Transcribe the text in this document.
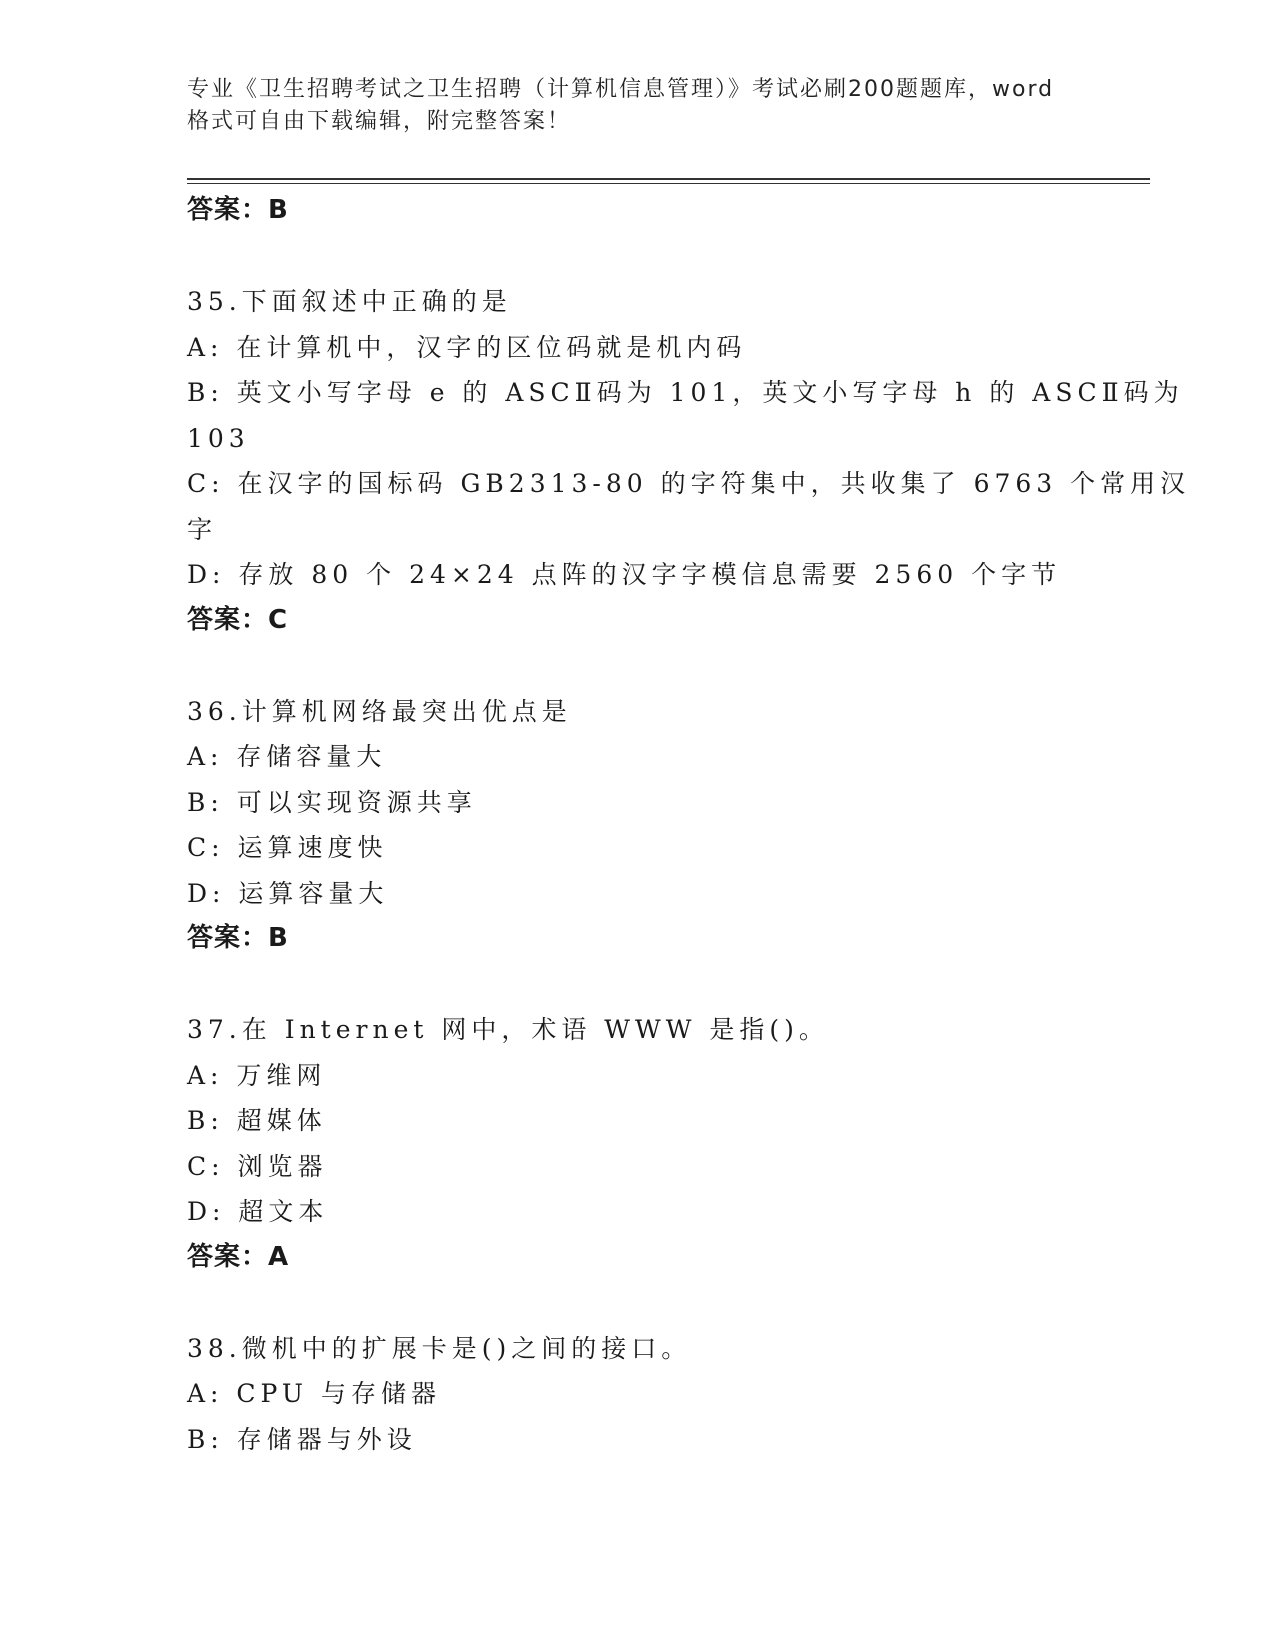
专业《卫生招聘考试之卫生招聘（计算机信息管理）》考试必刷200题题库，word
格式可自由下载编辑，附完整答案！
答案：B
35.下面叙述中正确的是
A: 在计算机中，汉字的区位码就是机内码
B: 英文小写字母 e 的 ASCⅡ码为 101，英文小写字母 h 的 ASCⅡ码为
103
C: 在汉字的国标码 GB2313-80 的字符集中，共收集了 6763 个常用汉
字
D: 存放 80 个 24×24 点阵的汉字字模信息需要 2560 个字节
答案：C
36.计算机网络最突出优点是
A: 存储容量大
B: 可以实现资源共享
C: 运算速度快
D: 运算容量大
答案：B
37.在 Internet 网中，术语 WWW 是指()。
A: 万维网
B: 超媒体
C: 浏览器
D: 超文本
答案：A
38.微机中的扩展卡是()之间的接口。
A: CPU 与存储器
B: 存储器与外设
